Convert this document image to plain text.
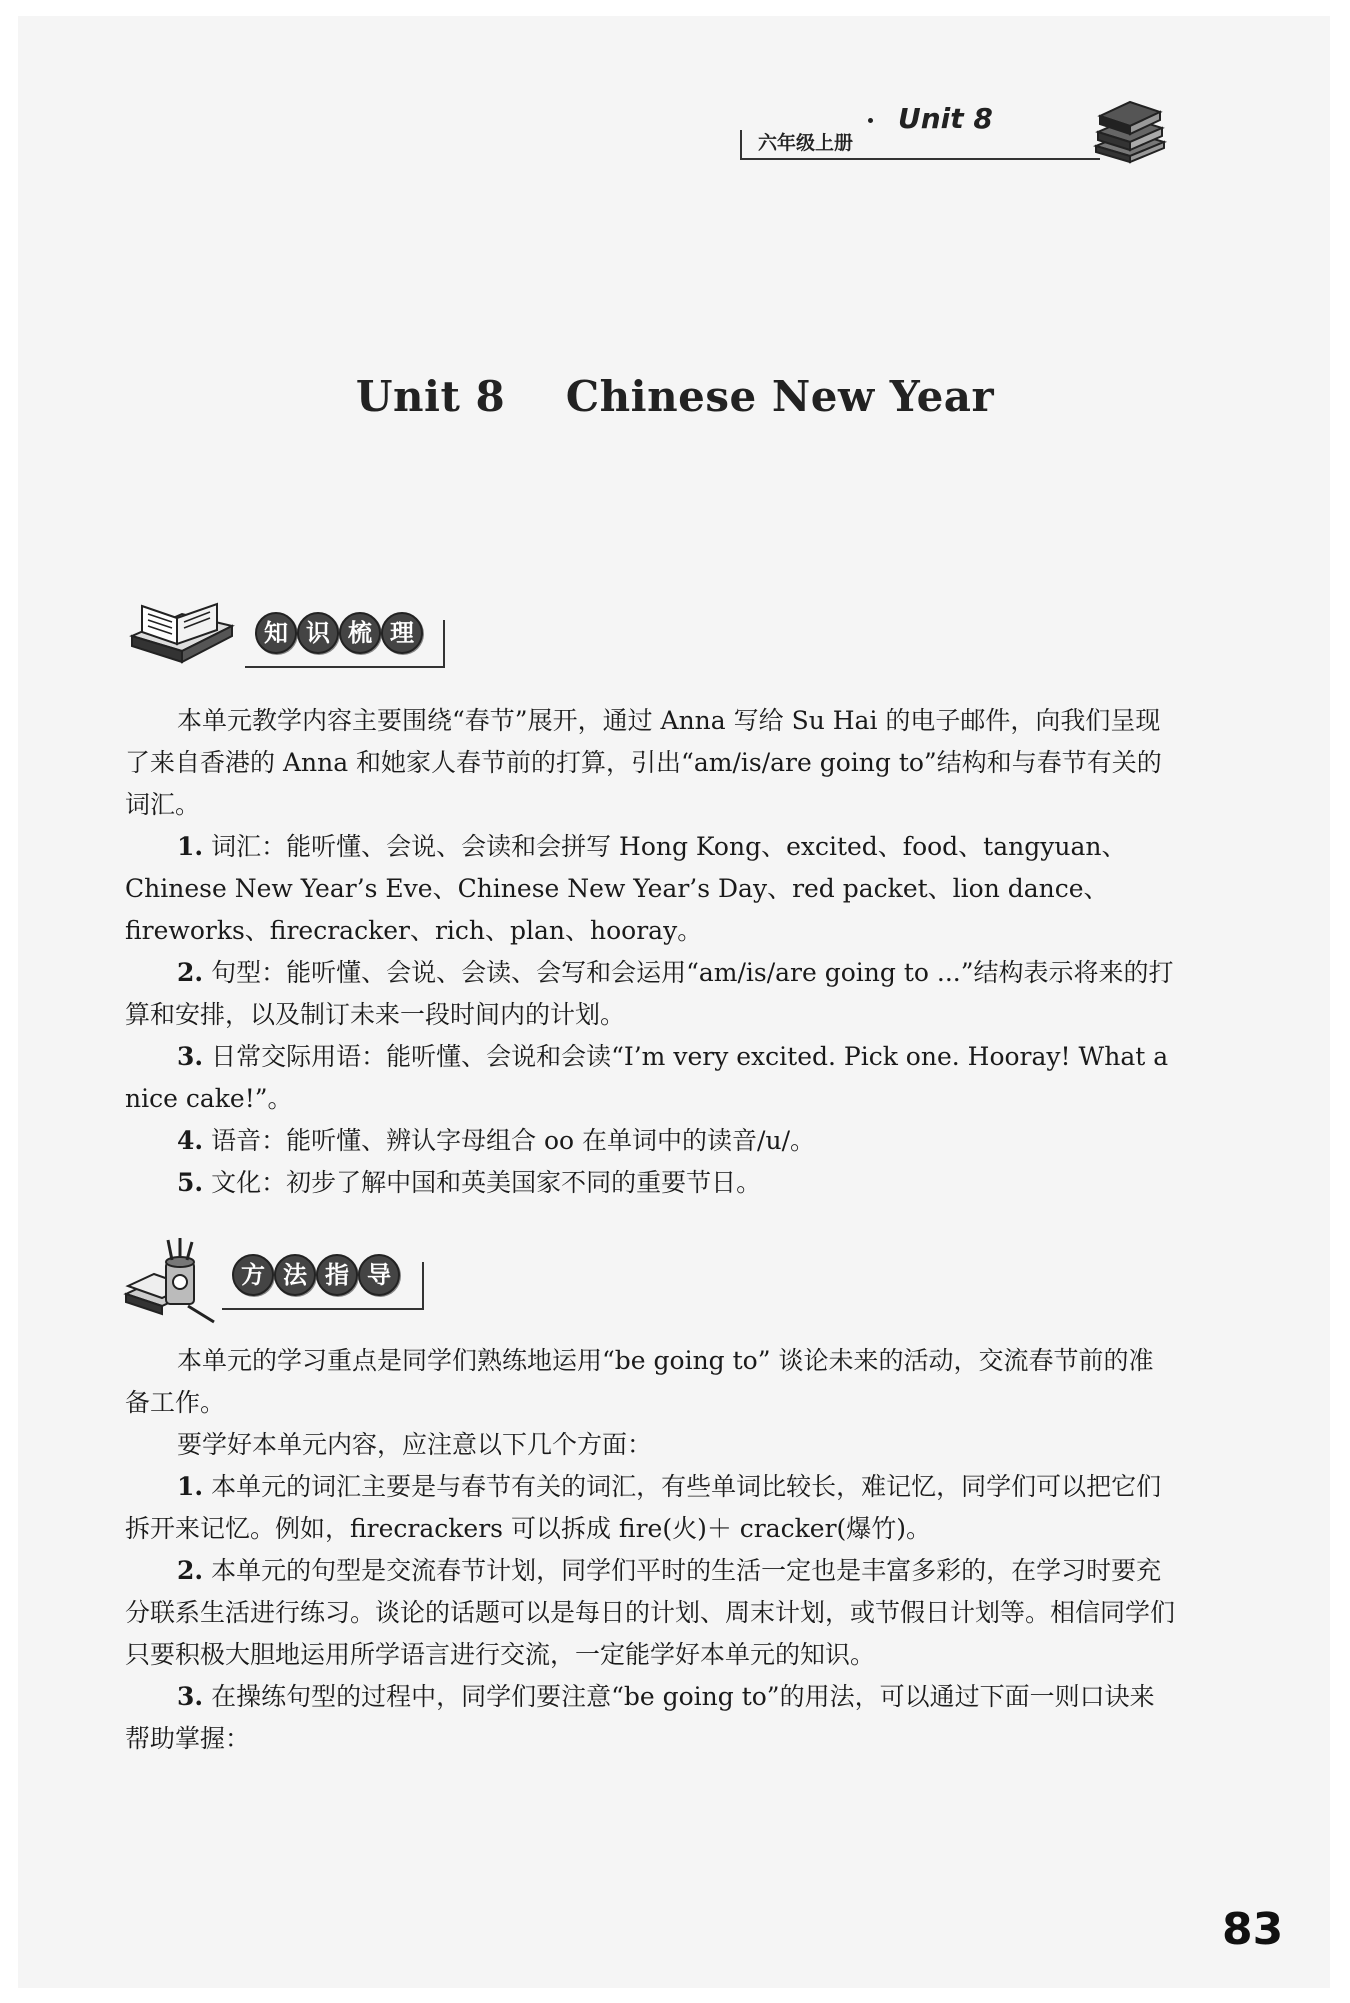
六年级上册
Unit 8
Unit 8    Chinese New Year
知 识 梳 理

本单元教学内容主要围绕“春节”展开，通过 Anna 写给 Su Hai 的电子邮件，向我们呈现了来自香港的 Anna 和她家人春节前的打算，引出“am/is/are going to”结构和与春节有关的词汇。

1. 词汇：能听懂、会说、会读和会拼写 Hong Kong、excited、food、tangyuan、Chinese New Year’s Eve、Chinese New Year’s Day、red packet、lion dance、fireworks、firecracker、rich、plan、hooray。

2. 句型：能听懂、会说、会读、会写和会运用“am/is/are going to ...”结构表示将来的打算和安排，以及制订未来一段时间内的计划。

3. 日常交际用语：能听懂、会说和会读“I’m very excited. Pick one. Hooray! What a nice cake!”。

4. 语音：能听懂、辨认字母组合 oo 在单词中的读音/u/。

5. 文化：初步了解中国和英美国家不同的重要节日。

方 法 指 导

本单元的学习重点是同学们熟练地运用“be going to” 谈论未来的活动，交流春节前的准备工作。

要学好本单元内容，应注意以下几个方面：

1. 本单元的词汇主要是与春节有关的词汇，有些单词比较长，难记忆，同学们可以把它们拆开来记忆。例如，firecrackers 可以拆成 fire(火)＋ cracker(爆竹)。

2. 本单元的句型是交流春节计划，同学们平时的生活一定也是丰富多彩的，在学习时要充分联系生活进行练习。谈论的话题可以是每日的计划、周末计划，或节假日计划等。相信同学们只要积极大胆地运用所学语言进行交流，一定能学好本单元的知识。

3. 在操练句型的过程中，同学们要注意“be going to”的用法，可以通过下面一则口诀来帮助掌握：

83
